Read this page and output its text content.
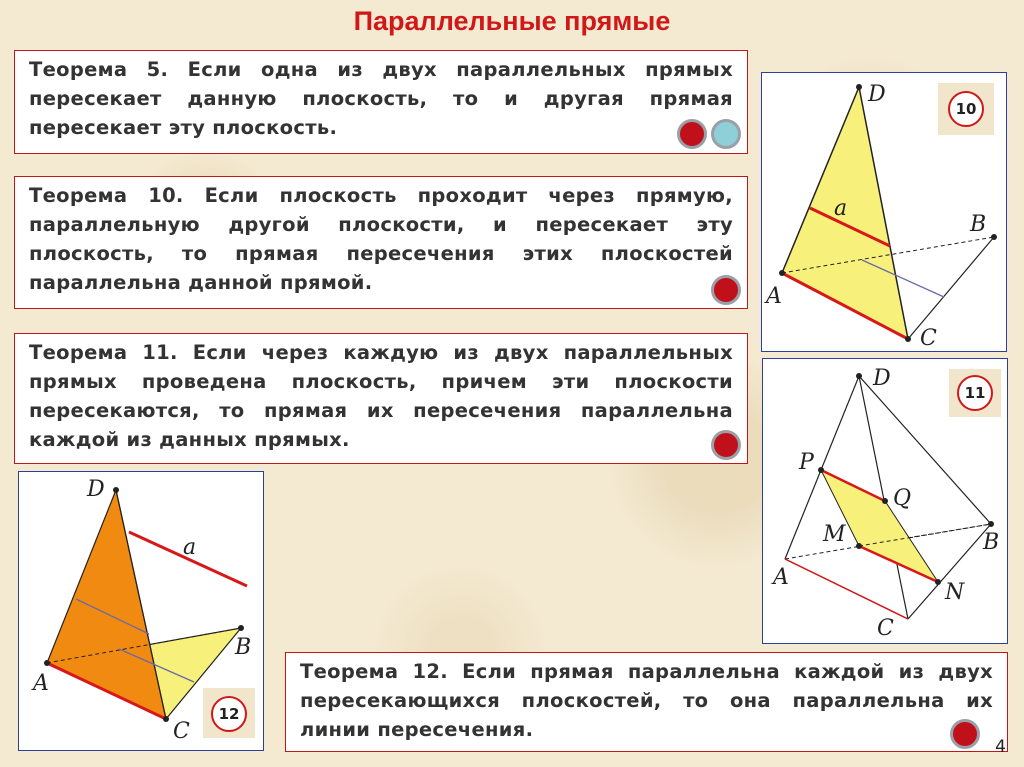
Параллельные прямые

Теорема 5. Если одна из двух параллельных прямых пересекает данную плоскость, то и другая прямая пересекает эту плоскость.

Теорема 10. Если плоскость проходит через прямую, параллельную другой плоскости, и пересекает эту плоскость, то прямая пересечения этих плоскостей параллельна данной прямой.

Теорема 11. Если через каждую из двух параллельных прямых проведена плоскость, причем эти плоскости пересекаются, то прямая их пересечения параллельна каждой из данных прямых.

Теорема 12. Если прямая параллельна каждой из двух пересекающихся плоскостей, то она параллельна их линии пересечения.

D
a
B
A
C
10
D
P
Q
M	B
A
N
C
11
D
a
B
A
C
12
4
